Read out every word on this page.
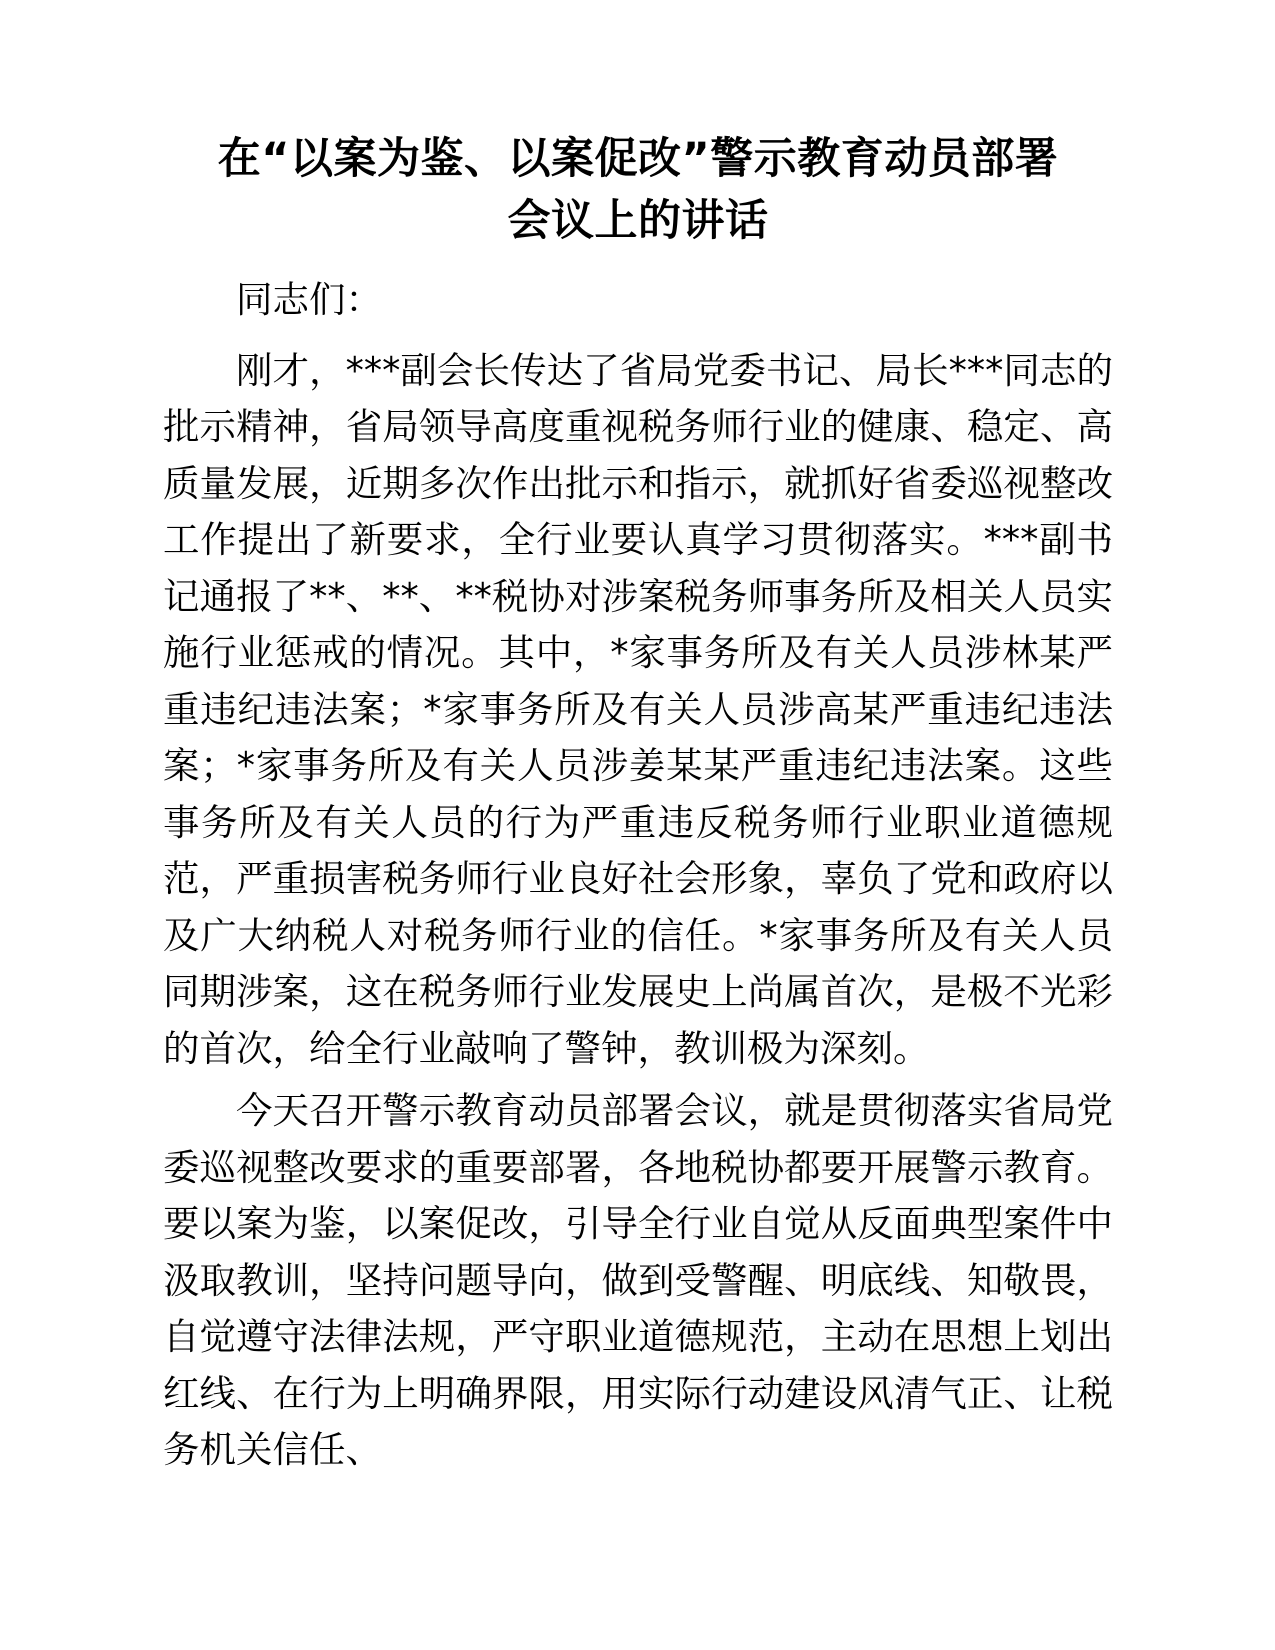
在“以案为鉴、以案促改”警示教育动员部署
会议上的讲话

同志们：

刚才，***副会长传达了省局党委书记、局长***同志的批示精神，省局领导高度重视税务师行业的健康、稳定、高质量发展，近期多次作出批示和指示，就抓好省委巡视整改工作提出了新要求，全行业要认真学习贯彻落实。***副书记通报了**、**、**税协对涉案税务师事务所及相关人员实施行业惩戒的情况。其中，*家事务所及有关人员涉林某严重违纪违法案；*家事务所及有关人员涉高某严重违纪违法案；*家事务所及有关人员涉姜某某严重违纪违法案。这些事务所及有关人员的行为严重违反税务师行业职业道德规范，严重损害税务师行业良好社会形象，辜负了党和政府以及广大纳税人对税务师行业的信任。*家事务所及有关人员同期涉案，这在税务师行业发展史上尚属首次，是极不光彩的首次，给全行业敲响了警钟，教训极为深刻。

今天召开警示教育动员部署会议，就是贯彻落实省局党委巡视整改要求的重要部署，各地税协都要开展警示教育。要以案为鉴，以案促改，引导全行业自觉从反面典型案件中汲取教训，坚持问题导向，做到受警醒、明底线、知敬畏，自觉遵守法律法规，严守职业道德规范，主动在思想上划出红线、在行为上明确界限，用实际行动建设风清气正、让税务机关信任、
